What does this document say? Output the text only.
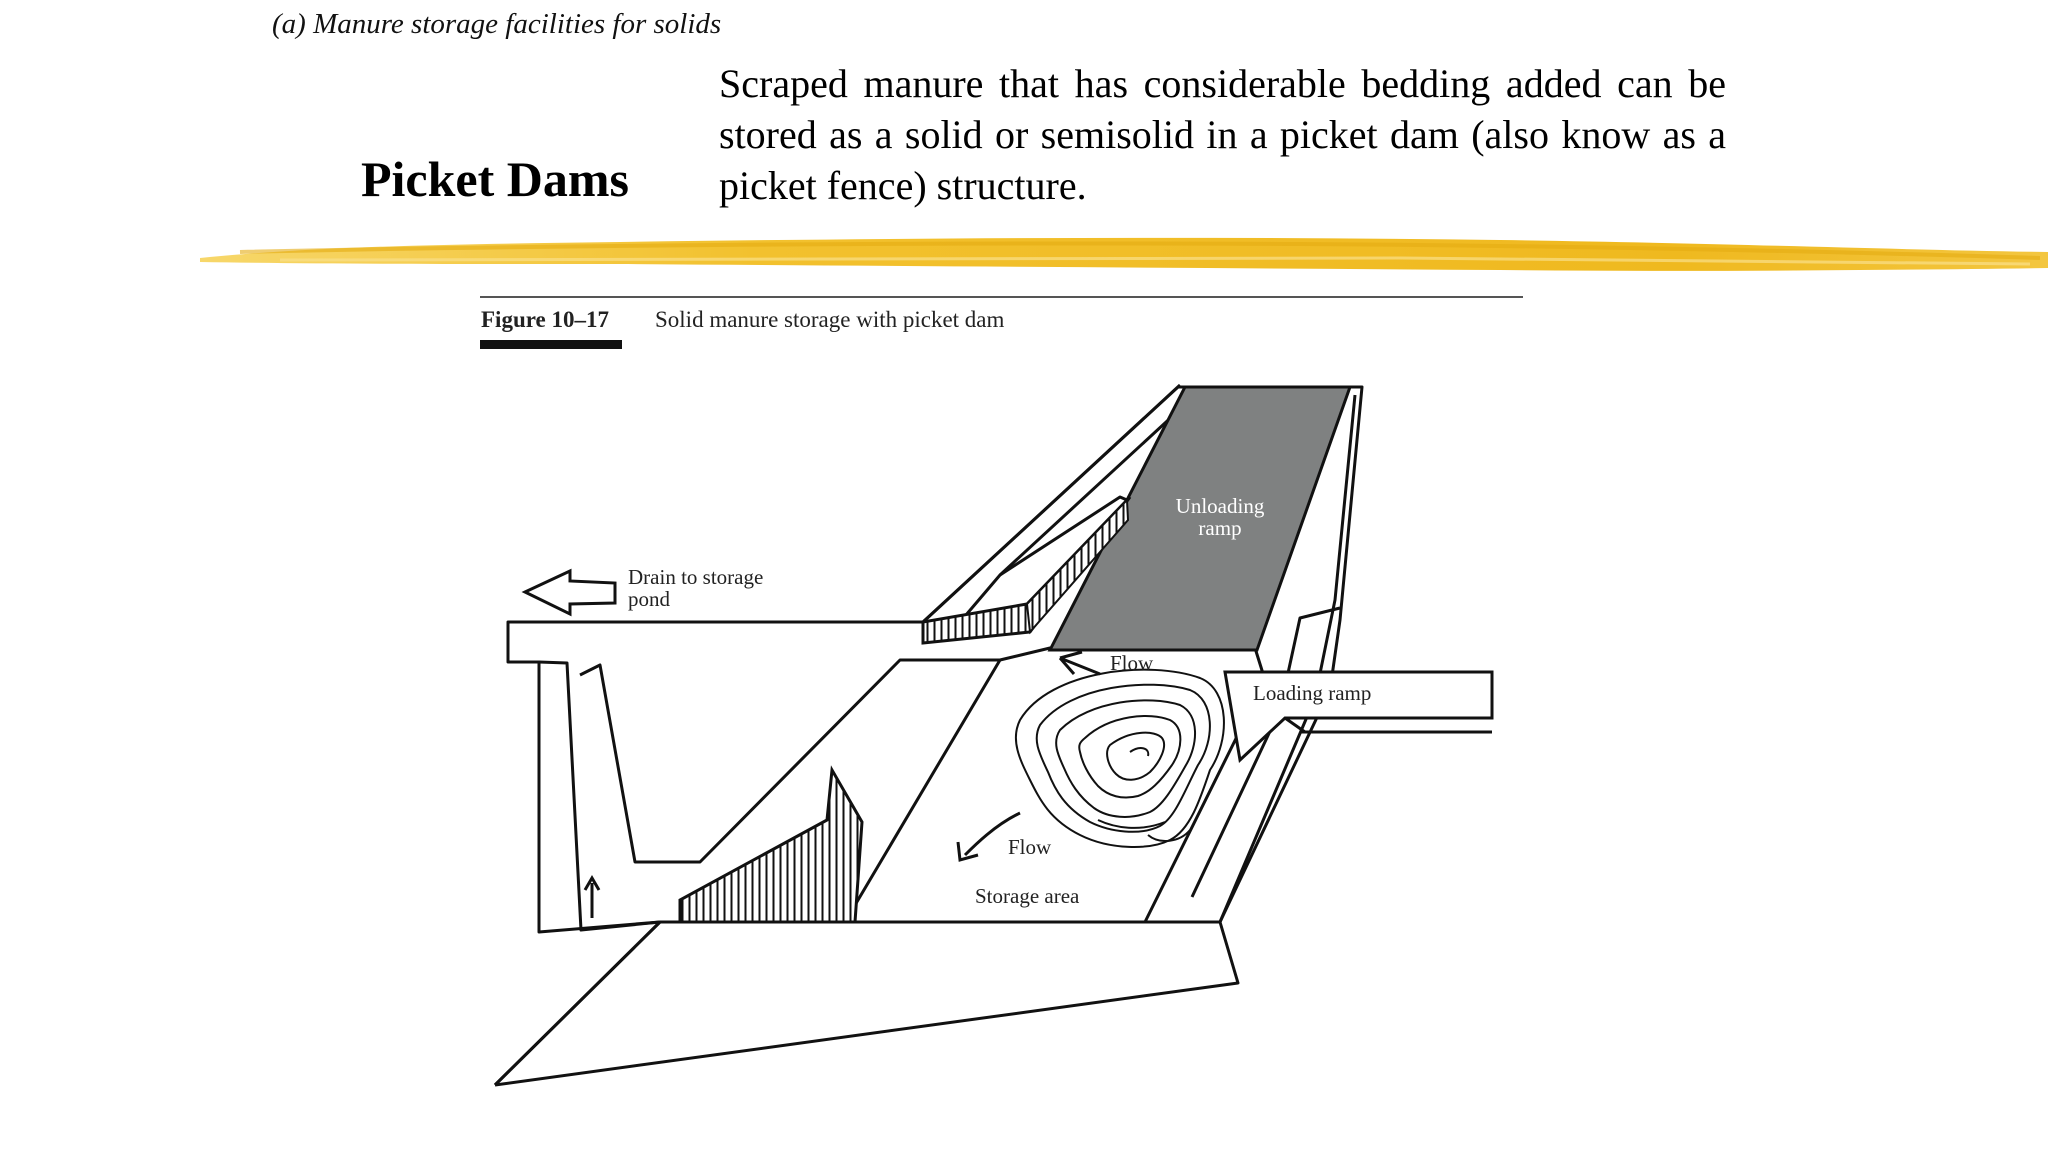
(a) Manure storage facilities for solids
Picket Dams
Scraped manure that has considerable bedding added can be stored as a solid or semisolid in a picket dam (also know as a picket fence) structure.
Figure 10–17 Solid manure storage with picket dam
Unloading
ramp
Loading ramp
Flow
Drain to storage
pond
Flow
Storage area
